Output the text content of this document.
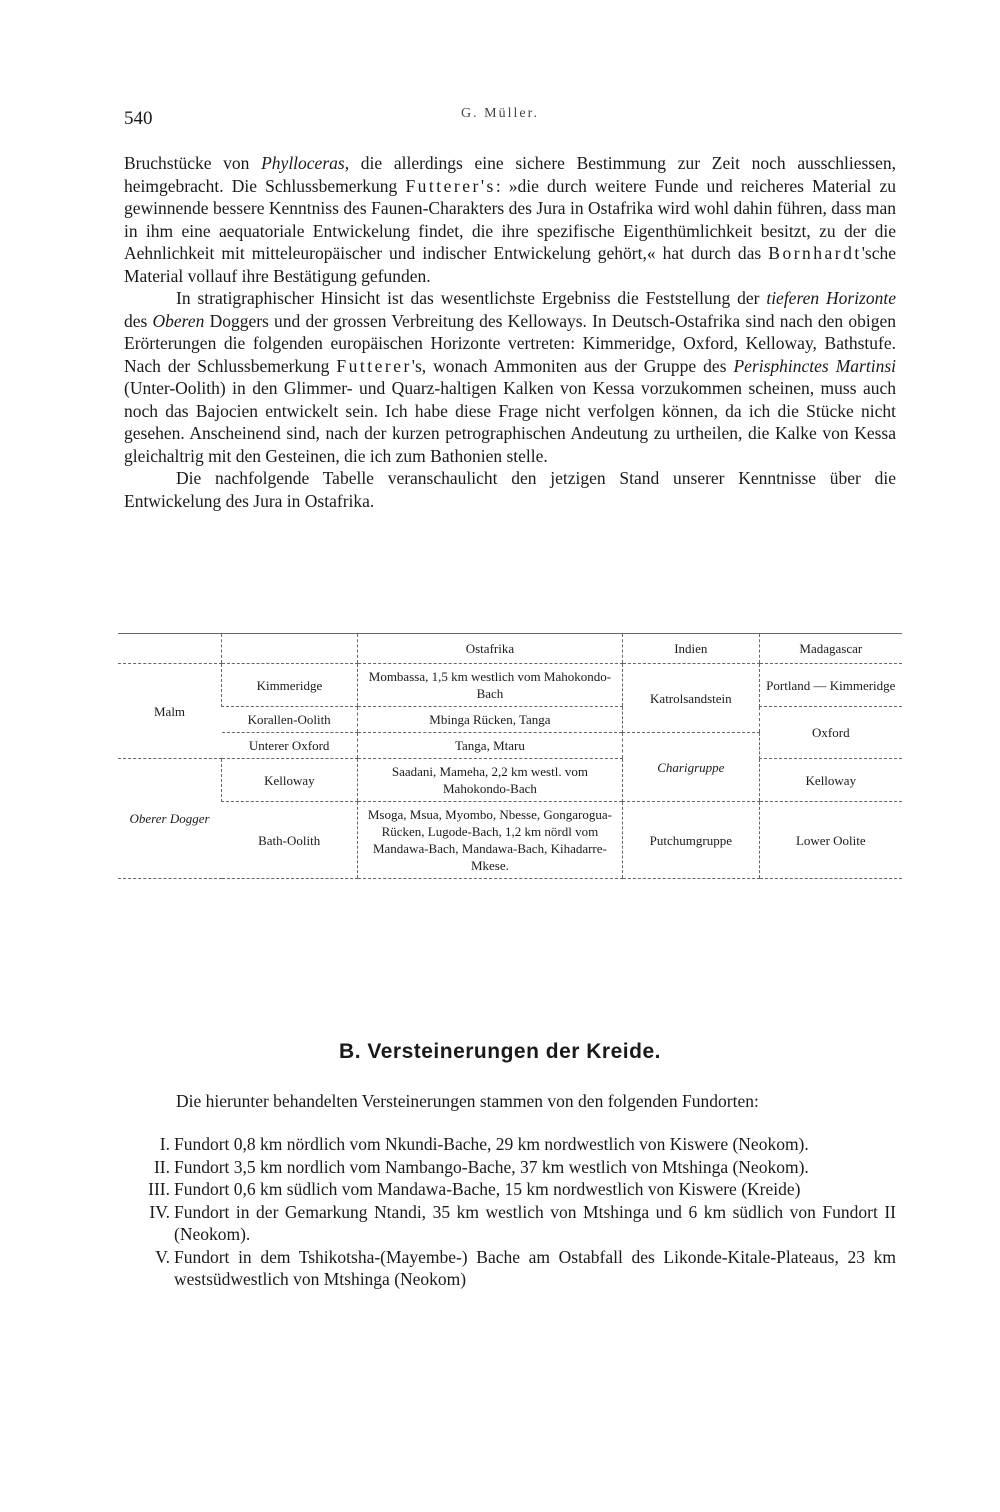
540	G. Müller.

Bruchstücke von Phylloceras, die allerdings eine sichere Bestimmung zur Zeit noch ausschliessen, heimgebracht. Die Schlussbemerkung Futterer's: »die durch weitere Funde und reicheres Material zu gewinnende bessere Kenntniss des Faunen-Charakters des Jura in Ostafrika wird wohl dahin führen, dass man in ihm eine aequatoriale Entwickelung findet, die ihre spezifische Eigenthümlichkeit besitzt, zu der die Aehnlichkeit mit mitteleuropäischer und indischer Entwickelung gehört,« hat durch das Bornhardt'sche Material vollauf ihre Bestätigung gefunden.

In stratigraphischer Hinsicht ist das wesentlichste Ergebniss die Feststellung der tieferen Horizonte des Oberen Doggers und der grossen Verbreitung des Kelloways. In Deutsch-Ostafrika sind nach den obigen Erörterungen die folgenden europäischen Horizonte vertreten: Kimmeridge, Oxford, Kelloway, Bathstufe. Nach der Schlussbemerkung Futterer's, wonach Ammoniten aus der Gruppe des Perisphinctes Martinsi (Unter-Oolith) in den Glimmer- und Quarz-haltigen Kalken von Kessa vorzukommen scheinen, muss auch noch das Bajocien entwickelt sein. Ich habe diese Frage nicht verfolgen können, da ich die Stücke nicht gesehen. Anscheinend sind, nach der kurzen petrographischen Andeutung zu urtheilen, die Kalke von Kessa gleichaltrig mit den Gesteinen, die ich zum Bathonien stelle.

Die nachfolgende Tabelle veranschaulicht den jetzigen Stand unserer Kenntnisse über die Entwickelung des Jura in Ostafrika.

		Ostafrika	Indien	Madagascar
Malm	Kimmeridge	Mombassa, 1,5 km westlich vom Mahokondo-Bach	Katrolsandstein	Portland — Kimmeridge
	Korallen-Oolith	Mbinga Rücken, Tanga		Oxford
	Unterer Oxford	Tanga, Mtaru	Charigruppe	
Oberer Dogger	Kelloway	Saadani, Mameha, 2,2 km westl. vom Mahokondo-Bach		Kelloway
	Bath-Oolith	Msoga, Msua, Myombo, Nbesse, Gongarogua-Rücken, Lugode-Bach, 1,2 km nördl vom Mandawa-Bach, Mandawa-Bach, Kihadarre-Mkese.	Putchumgruppe	Lower Oolite
B. Versteinerungen der Kreide.

Die hierunter behandelten Versteinerungen stammen von den folgenden Fundorten:

I. Fundort 0,8 km nördlich vom Nkundi-Bache, 29 km nordwestlich von Kiswere (Neokom).
II. Fundort 3,5 km nordlich vom Nambango-Bache, 37 km westlich von Mtshinga (Neokom).
III. Fundort 0,6 km südlich vom Mandawa-Bache, 15 km nordwestlich von Kiswere (Kreide)
IV. Fundort in der Gemarkung Ntandi, 35 km westlich von Mtshinga und 6 km südlich von Fundort II (Neokom).
V. Fundort in dem Tshikotsha-(Mayembe-) Bache am Ostabfall des Likonde-Kitale-Plateaus, 23 km westsüdwestlich von Mtshinga (Neokom)
